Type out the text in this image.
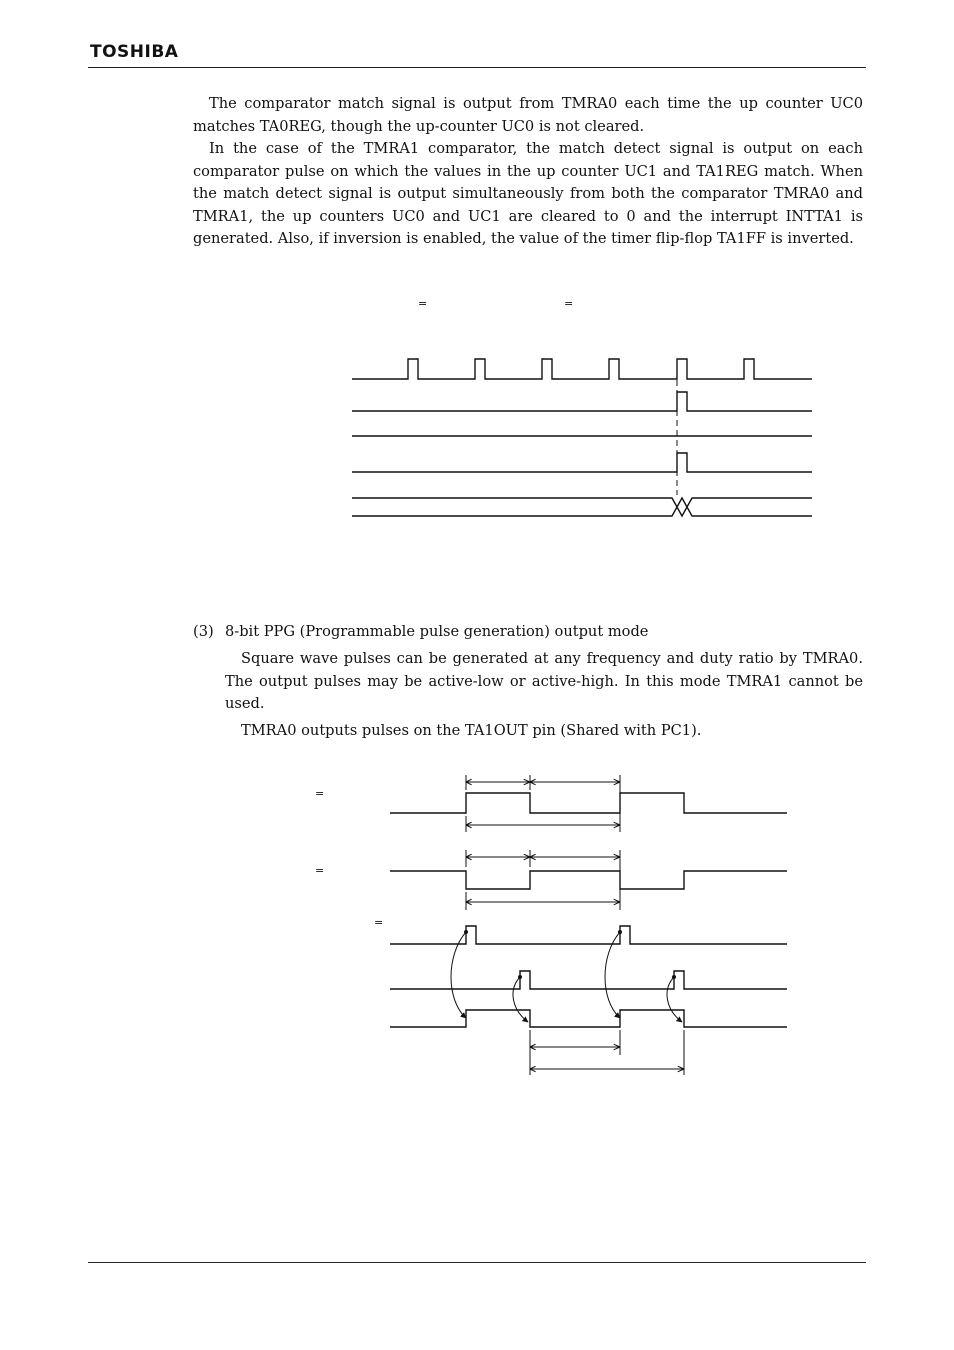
TOSHIBA

The comparator match signal is output from TMRA0 each time the up counter UC0 matches TA0REG, though the up-counter UC0 is not cleared.

In the case of the TMRA1 comparator, the match detect signal is output on each comparator pulse on which the values in the up counter UC1 and TA1REG match. When the match detect signal is output simultaneously from both the comparator TMRA0 and TMRA1, the up counters UC0 and UC1 are cleared to 0 and the interrupt INTTA1 is generated. Also, if inversion is enabled, the value of the timer flip-flop TA1FF is inverted.

(3) 8-bit PPG (Programmable pulse generation) output mode

Square wave pulses can be generated at any frequency and duty ratio by TMRA0. The output pulses may be active-low or active-high. In this mode TMRA1 cannot be used.

TMRA0 outputs pulses on the TA1OUT pin (Shared with PC1).

=	=
=
=
=
